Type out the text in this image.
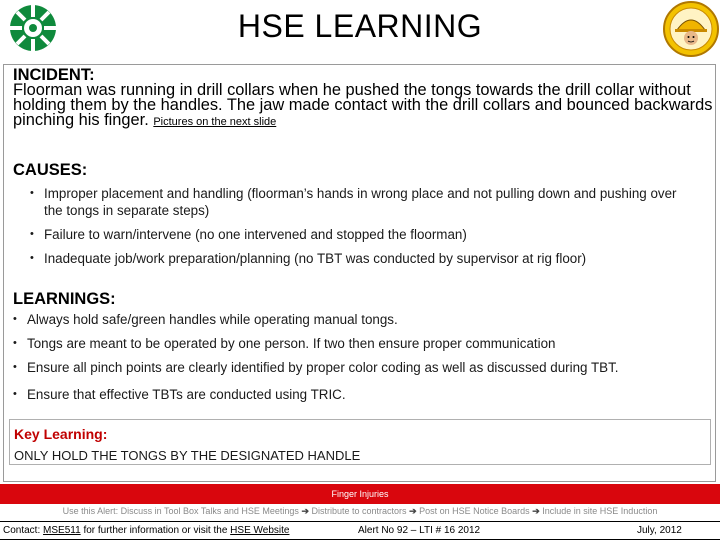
HSE LEARNING
INCIDENT:
Floorman was running in drill collars when he pushed the tongs towards the drill collar without holding them by the handles. The jaw made contact with the drill collars and bounced backwards pinching his finger. Pictures on the next slide
CAUSES:
• Improper placement and handling (floorman’s hands in wrong place and not pulling down and pushing over the tongs in separate steps)
• Failure to warn/intervene (no one intervened and stopped the floorman)
• Inadequate job/work preparation/planning (no TBT was conducted by supervisor at rig floor)
LEARNINGS:
• Always hold safe/green handles while operating manual tongs.
• Tongs are meant to be operated by one person. If two then ensure proper communication
• Ensure all pinch points are clearly identified by proper color coding as well as discussed during TBT.
• Ensure that effective TBTs are conducted using TRIC.
Key Learning:
ONLY HOLD THE TONGS BY THE DESIGNATED HANDLE
Finger Injuries
Use this Alert: Discuss in Tool Box Talks and HSE Meetings ➔ Distribute to contractors ➔ Post on HSE Notice Boards ➔ Include in site HSE Induction
Contact: MSE511 for further information or visit the HSE Website	Alert No 92 – LTI # 16 2012	July, 2012
